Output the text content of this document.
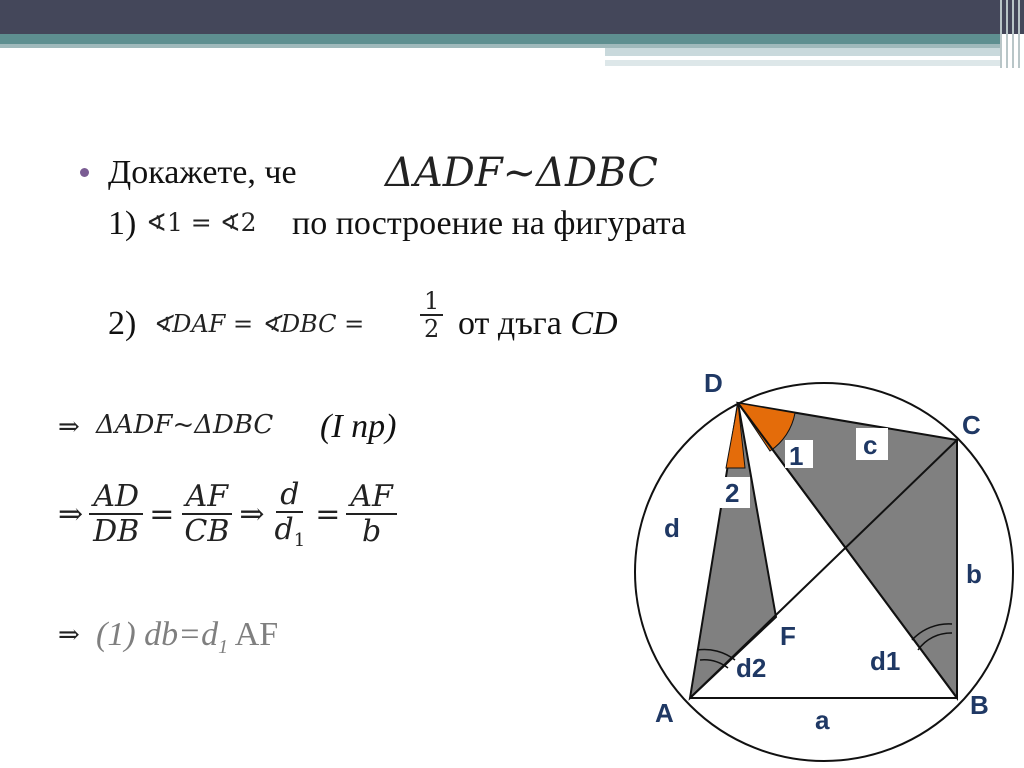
Докажете, че ΔADF~ΔDBC
1) ∢1 = ∢2 по построение на фигурата
2) ∢DAF = ∢DBC = $\frac{1}{2}$ от дъга CD
⇒ ΔADF~ΔDBC (I пр)
⇒ $\frac{AD}{DB} = \frac{AF}{CB}$ ⇒ $\frac{d}{d_1} = \frac{AF}{b}$
⇒ (1) $db=d_1$ AF
D
C
A	B
F
a
b
c
d
d1
d2
1
2
